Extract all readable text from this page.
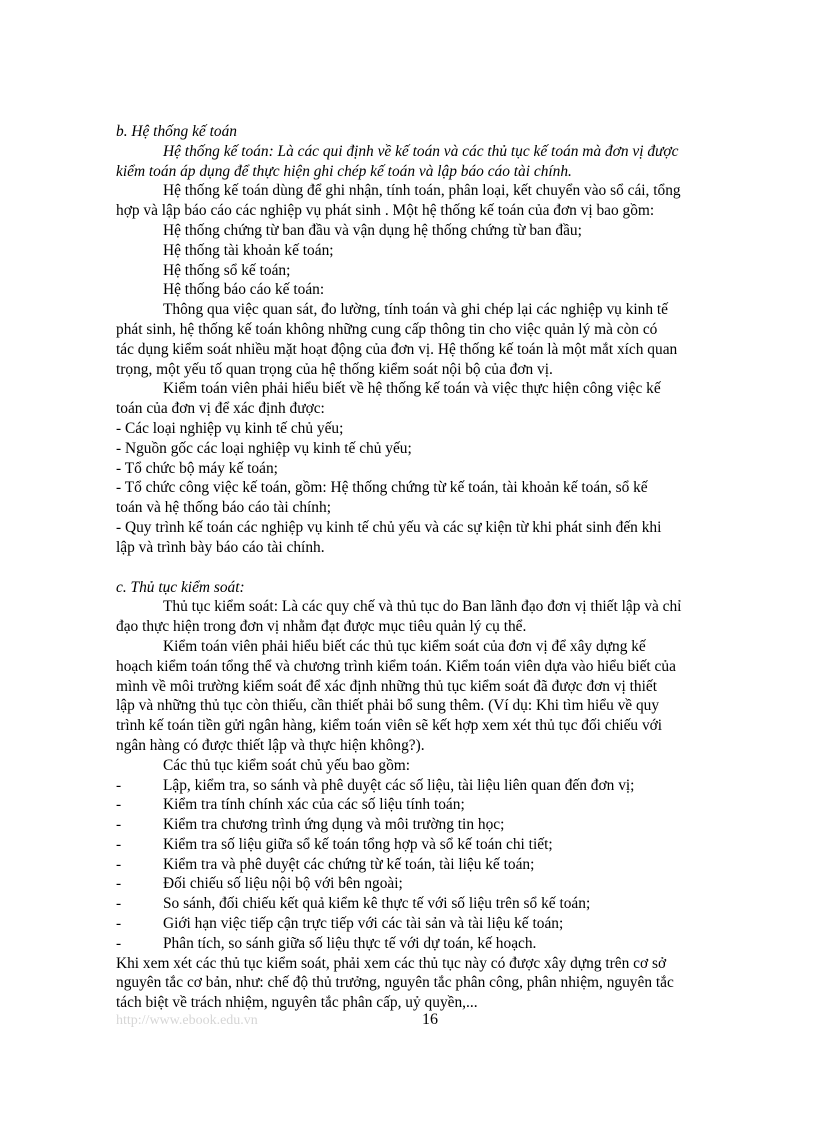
b. Hệ thống kế toán
Hệ thống kế toán: Là các qui định về kế toán và các thủ tục kế toán mà đơn vị được
kiểm toán áp dụng để thực hiện ghi chép kế toán và lập báo cáo tài chính.
Hệ thống kế toán dùng để ghi nhận, tính toán, phân loại, kết chuyển vào sổ cái, tổng
hợp và lập báo cáo các nghiệp vụ phát sinh . Một hệ thống kế toán của đơn vị bao gồm:
Hệ thống chứng từ ban đầu và vận dụng hệ thống chứng từ ban đầu;
Hệ thống tài khoản kế toán;
Hệ thống sổ kế toán;
Hệ thống báo cáo kế toán:
Thông qua việc quan sát, đo lường, tính toán và ghi chép lại các nghiệp vụ kinh tế
phát sinh, hệ thống kế toán không những cung cấp thông tin cho việc quản lý mà còn có
tác dụng kiểm soát nhiều mặt hoạt động của đơn vị. Hệ thống kế toán là một mắt xích quan
trọng, một yếu tố quan trọng của hệ thống kiểm soát nội bộ của đơn vị.
Kiểm toán viên phải hiểu biết về hệ thống kế toán và việc thực hiện công việc kế
toán của đơn vị để xác định được:
- Các loại nghiệp vụ kinh tế chủ yếu;
- Nguồn gốc các loại nghiệp vụ kinh tế chủ yếu;
- Tổ chức bộ máy kế toán;
- Tổ chức công việc kế toán, gồm: Hệ thống chứng từ kế toán, tài khoản kế toán, sổ kế
toán và hệ thống báo cáo tài chính;
- Quy trình kế toán các nghiệp vụ kinh tế chủ yếu và các sự kiện từ khi phát sinh đến khi
lập và trình bày báo cáo tài chính.
c. Thủ tục kiểm soát:
Thủ tục kiểm soát: Là các quy chế và thủ tục do Ban lãnh đạo đơn vị thiết lập và chỉ
đạo thực hiện trong đơn vị nhằm đạt được mục tiêu quản lý cụ thể.
Kiểm toán viên phải hiểu biết các thủ tục kiểm soát của đơn vị để xây dựng kế
hoạch kiểm toán tổng thể và chương trình kiểm toán. Kiểm toán viên dựa vào hiểu biết của
mình về môi trường kiểm soát để xác định những thủ tục kiểm soát đã được đơn vị thiết
lập và những thủ tục còn thiếu, cần thiết phải bổ sung thêm. (Ví dụ: Khi tìm hiểu về quy
trình kế toán tiền gửi ngân hàng, kiểm toán viên sẽ kết hợp xem xét thủ tục đối chiếu với
ngân hàng có được thiết lập và thực hiện không?).
Các thủ tục kiểm soát chủ yếu bao gồm:
-	Lập, kiểm tra, so sánh và phê duyệt các số liệu, tài liệu liên quan đến đơn vị;
-	Kiểm tra tính chính xác của các số liệu tính toán;
-	Kiểm tra chương trình ứng dụng và môi trường tin học;
-	Kiểm tra số liệu giữa sổ kế toán tổng hợp và sổ kế toán chi tiết;
-	Kiểm tra và phê duyệt các chứng từ kế toán, tài liệu kế toán;
-	Đối chiếu số liệu nội bộ với bên ngoài;
-	So sánh, đối chiếu kết quả kiểm kê thực tế với số liệu trên sổ kế toán;
-	Giới hạn việc tiếp cận trực tiếp với các tài sản và tài liệu kế toán;
-	Phân tích, so sánh giữa số liệu thực tế với dự toán, kế hoạch.
Khi xem xét các thủ tục kiểm soát, phải xem các thủ tục này có được xây dựng trên cơ sở
nguyên tắc cơ bản, như: chế độ thủ trưởng, nguyên tắc phân công, phân nhiệm, nguyên tắc
tách biệt về trách nhiệm, nguyên tắc phân cấp, uỷ quyền,...
http://www.ebook.edu.vn	16
